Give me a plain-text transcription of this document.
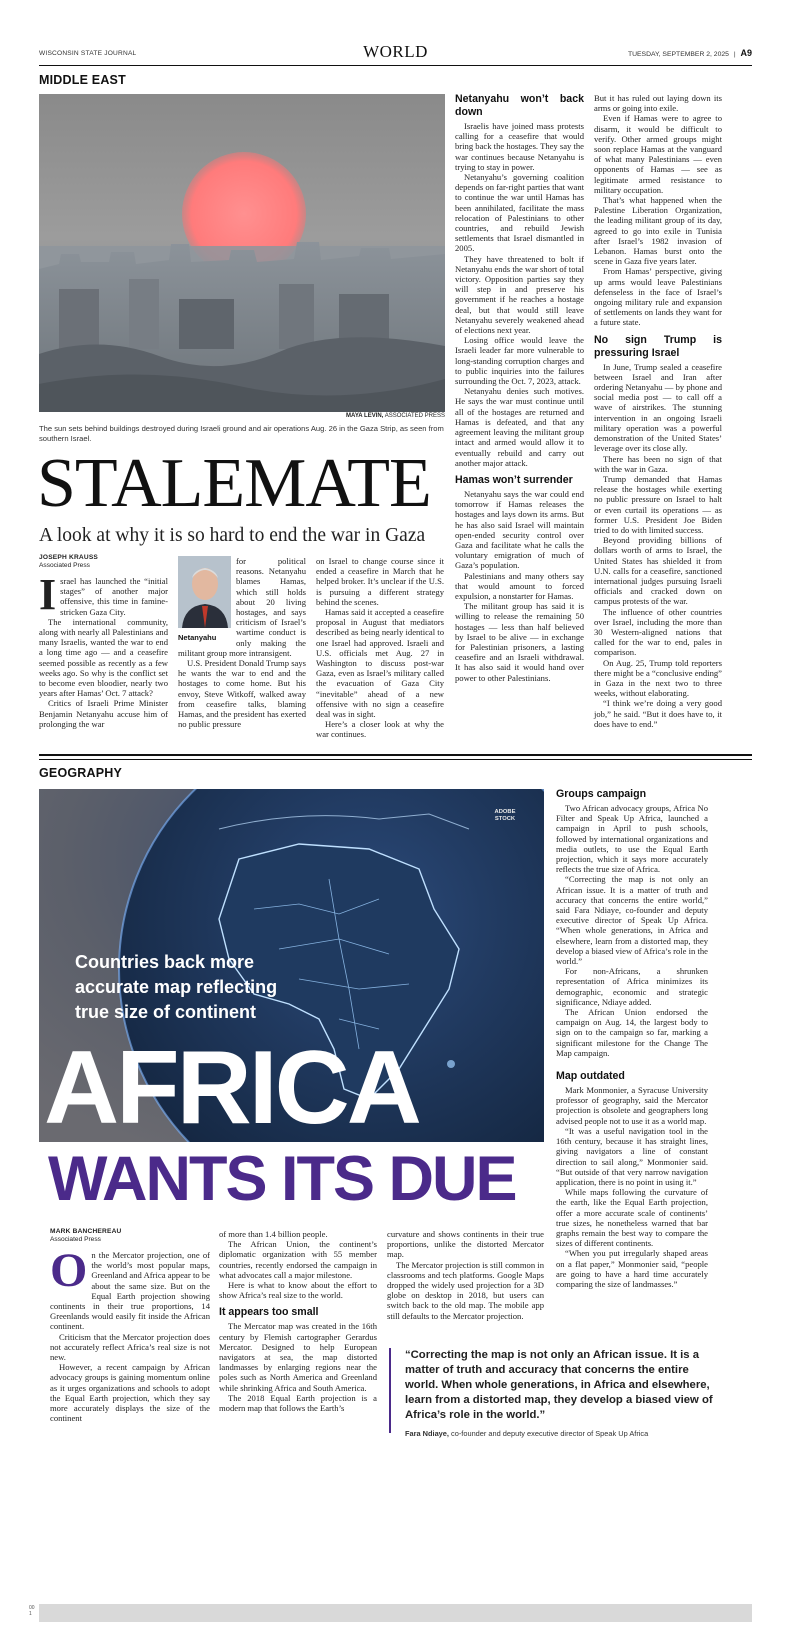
WISCONSIN STATE JOURNAL	WORLD	TUESDAY, SEPTEMBER 2, 2025 | A9
MIDDLE EAST
MAYA LEVIN, ASSOCIATED PRESS
The sun sets behind buildings destroyed during Israeli ground and air operations Aug. 26 in the Gaza Strip, as seen from southern Israel.
STALEMATE
A look at why it is so hard to end the war in Gaza
JOSEPH KRAUSS
Associated Press
I srael has launched the “initial stages” of another major offensive, this time in famine-stricken Gaza City.

The international community, along with nearly all Palestinians and many Israelis, wanted the war to end a long time ago — and a ceasefire seemed possible as recently as a few weeks ago. So why is the conflict set to become even bloodier, nearly two years after Hamas’ Oct. 7 attack?

Critics of Israeli Prime Minister Benjamin Netanyahu accuse him of prolonging the war

Netanyahu

for political reasons. Netanyahu blames Hamas, which still holds about 20 living hostages, and says criticism of Israel’s wartime conduct is only making the militant group more intransigent.

U.S. President Donald Trump says he wants the war to end and the hostages to come home. But his envoy, Steve Witkoff, walked away from ceasefire talks, blaming Hamas, and the president has exerted no public pressure

on Israel to change course since it ended a ceasefire in March that he helped broker. It’s unclear if the U.S. is pursuing a different strategy behind the scenes.

Hamas said it accepted a ceasefire proposal in August that mediators described as being nearly identical to one Israel had approved. Israeli and U.S. officials met Aug. 27 in Washington to discuss post-war Gaza, even as Israel’s military called the evacuation of Gaza City “inevitable” ahead of a new offensive with no sign a ceasefire deal was in sight.

Here’s a closer look at why the war continues.

Netanyahu won’t back down

Israelis have joined mass protests calling for a ceasefire that would bring back the hostages. They say the war continues because Netanyahu is trying to stay in power.

Netanyahu’s governing coalition depends on far-right parties that want to continue the war until Hamas has been annihilated, facilitate the mass relocation of Palestinians to other countries, and rebuild Jewish settlements that Israel dismantled in 2005.

They have threatened to bolt if Netanyahu ends the war short of total victory. Opposition parties say they will step in and preserve his government if he reaches a hostage deal, but that would still leave Netanyahu severely weakened ahead of elections next year.

Losing office would leave the Israeli leader far more vulnerable to long-standing corruption charges and to public inquiries into the failures surrounding the Oct. 7, 2023, attack.

Netanyahu denies such motives. He says the war must continue until all of the hostages are returned and Hamas is defeated, and that any agreement leaving the militant group intact and armed would allow it to eventually rebuild and carry out another major attack.

Hamas won’t surrender

Netanyahu says the war could end tomorrow if Hamas releases the hostages and lays down its arms. But he has also said Israel will maintain open-ended security control over Gaza and facilitate what he calls the voluntary emigration of much of Gaza’s population.

Palestinians and many others say that would amount to forced expulsion, a nonstarter for Hamas.

The militant group has said it is willing to release the remaining 50 hostages — less than half believed by Israel to be alive — in exchange for Palestinian prisoners, a lasting ceasefire and an Israeli withdrawal. It has also said it would hand over power to other Palestinians.

But it has ruled out laying down its arms or going into exile.

Even if Hamas were to agree to disarm, it would be difficult to verify. Other armed groups might soon replace Hamas at the vanguard of what many Palestinians — even opponents of Hamas — see as legitimate armed resistance to military occupation.

That’s what happened when the Palestine Liberation Organization, the leading militant group of its day, agreed to go into exile in Tunisia after Israel’s 1982 invasion of Lebanon. Hamas burst onto the scene in Gaza five years later.

From Hamas’ perspective, giving up arms would leave Palestinians defenseless in the face of Israel’s ongoing military rule and expansion of settlements on lands they want for a future state.

No sign Trump is pressuring Israel

In June, Trump sealed a ceasefire between Israel and Iran after ordering Netanyahu — by phone and social media post — to call off a wave of airstrikes. The stunning intervention in an ongoing Israeli military operation was a powerful demonstration of the United States’ leverage over its close ally.

There has been no sign of that with the war in Gaza.

Trump demanded that Hamas release the hostages while exerting no public pressure on Israel to halt or even curtail its operations — as former U.S. President Joe Biden tried to do with limited success.

Beyond providing billions of dollars worth of arms to Israel, the United States has shielded it from U.N. calls for a ceasefire, sanctioned international judges pursuing Israeli officials and cracked down on campus protests of the war.

The influence of other countries over Israel, including the more than 30 Western-aligned nations that called for the war to end, pales in comparison.

On Aug. 25, Trump told reporters there might be a “conclusive ending” in Gaza in the next two to three weeks, without elaborating.

“I think we’re doing a very good job,” he said. “But it does have to, it does have to end.”

GEOGRAPHY
ADOBE
STOCK
Countries back more
accurate map reflecting
true size of continent
AFRICA
WANTS ITS DUE
MARK BANCHEREAU
Associated Press
O n the Mercator projection, one of the world’s most popular maps, Greenland and Africa appear to be about the same size. But on the Equal Earth projection showing continents in their true proportions, 14 Greenlands would easily fit inside the African continent.

Criticism that the Mercator projection does not accurately reflect Africa’s real size is not new.

However, a recent campaign by African advocacy groups is gaining momentum online as it urges organizations and schools to adopt the Equal Earth projection, which they say more accurately displays the size of the continent

of more than 1.4 billion people.

The African Union, the continent’s diplomatic organization with 55 member countries, recently endorsed the campaign in what advocates call a major milestone.

Here is what to know about the effort to show Africa’s real size to the world.

It appears too small

The Mercator map was created in the 16th century by Flemish cartographer Gerardus Mercator. Designed to help European navigators at sea, the map distorted landmasses by enlarging regions near the poles such as North America and Greenland while shrinking Africa and South America.

The 2018 Equal Earth projection is a modern map that follows the Earth’s

curvature and shows continents in their true proportions, unlike the distorted Mercator map.

The Mercator projection is still common in classrooms and tech platforms. Google Maps dropped the widely used projection for a 3D globe on desktop in 2018, but users can switch back to the old map. The mobile app still defaults to the Mercator projection.

Groups campaign

Two African advocacy groups, Africa No Filter and Speak Up Africa, launched a campaign in April to push schools, followed by international organizations and media outlets, to use the Equal Earth projection, which it says more accurately reflects the true size of Africa.

“Correcting the map is not only an African issue. It is a matter of truth and accuracy that concerns the entire world,” said Fara Ndiaye, co-founder and deputy executive director of Speak Up Africa. “When whole generations, in Africa and elsewhere, learn from a distorted map, they develop a biased view of Africa’s role in the world.”

For non-Africans, a shrunken representation of Africa minimizes its demographic, economic and strategic significance, Ndiaye added.

The African Union endorsed the campaign on Aug. 14, the largest body to sign on to the campaign so far, marking a significant milestone for the Change The Map campaign.

Map outdated

Mark Monmonier, a Syracuse University professor of geography, said the Mercator projection is obsolete and geographers long advised people not to use it as a world map.

“It was a useful navigation tool in the 16th century, because it has straight lines, giving navigators a line of constant direction to sail along,” Monmonier said. “But outside of that very narrow navigation application, there is no point in using it.”

While maps following the curvature of the earth, like the Equal Earth projection, offer a more accurate scale of continents’ true sizes, he nonetheless warned that bar graphs remain the best way to compare the sizes of different continents.

“When you put irregularly shaped areas on a flat paper,” Monmonier said, “people are going to have a hard time accurately comparing the size of landmasses.”

“Correcting the map is not only an African issue. It is a matter of truth and accuracy that concerns the entire world. When whole generations, in Africa and elsewhere, learn from a distorted map, they develop a biased view of Africa’s role in the world.”
Fara Ndiaye, co-founder and deputy executive director of Speak Up Africa
00
1
